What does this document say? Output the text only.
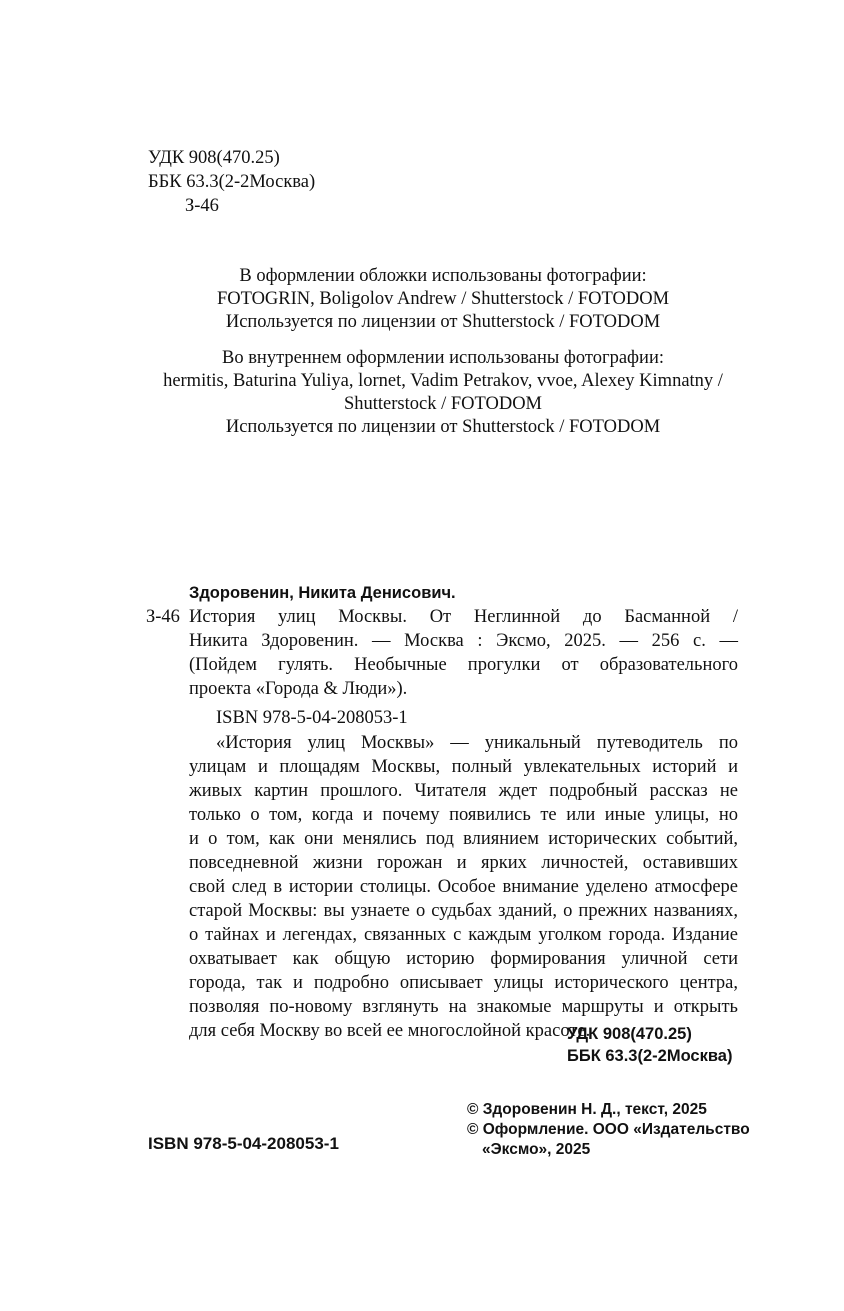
УДК 908(470.25)
ББК 63.3(2-2Москва)
З-46
В оформлении обложки использованы фотографии:
FOTOGRIN, Boligolov Andrew / Shutterstock / FOTODOM
Используется по лицензии от Shutterstock / FOTODOM
Во внутреннем оформлении использованы фотографии:
hermitis, Baturina Yuliya, lornet, Vadim Petrakov, vvoe, Alexey Kimnatny /
Shutterstock / FOTODOM
Используется по лицензии от Shutterstock / FOTODOM
Здоровенин, Никита Денисович.
З-46 История улиц Москвы. От Неглинной до Басманной /
Никита Здоровенин. — Москва : Эксмо, 2025. — 256 с. —
(Пойдем гулять. Необычные прогулки от образовательного
проекта «Города & Люди»).
ISBN 978-5-04-208053-1
«История улиц Москвы» — уникальный путеводитель по
улицам и площадям Москвы, полный увлекательных историй и
живых картин прошлого. Читателя ждет подробный рассказ не
только о том, когда и почему появились те или иные улицы, но
и о том, как они менялись под влиянием исторических событий,
повседневной жизни горожан и ярких личностей, оставивших
свой след в истории столицы. Особое внимание уделено атмосфере
старой Москвы: вы узнаете о судьбах зданий, о прежних названиях,
о тайнах и легендах, связанных с каждым уголком города. Издание
охватывает как общую историю формирования уличной сети
города, так и подробно описывает улицы исторического центра,
позволяя по-новому взглянуть на знакомые маршруты и открыть
для себя Москву во всей ее многослойной красоте.
УДК 908(470.25)
ББК 63.3(2-2Москва)
ISBN 978-5-04-208053-1
© Здоровенин Н. Д., текст, 2025
© Оформление. ООО «Издательство
«Эксмо», 2025
